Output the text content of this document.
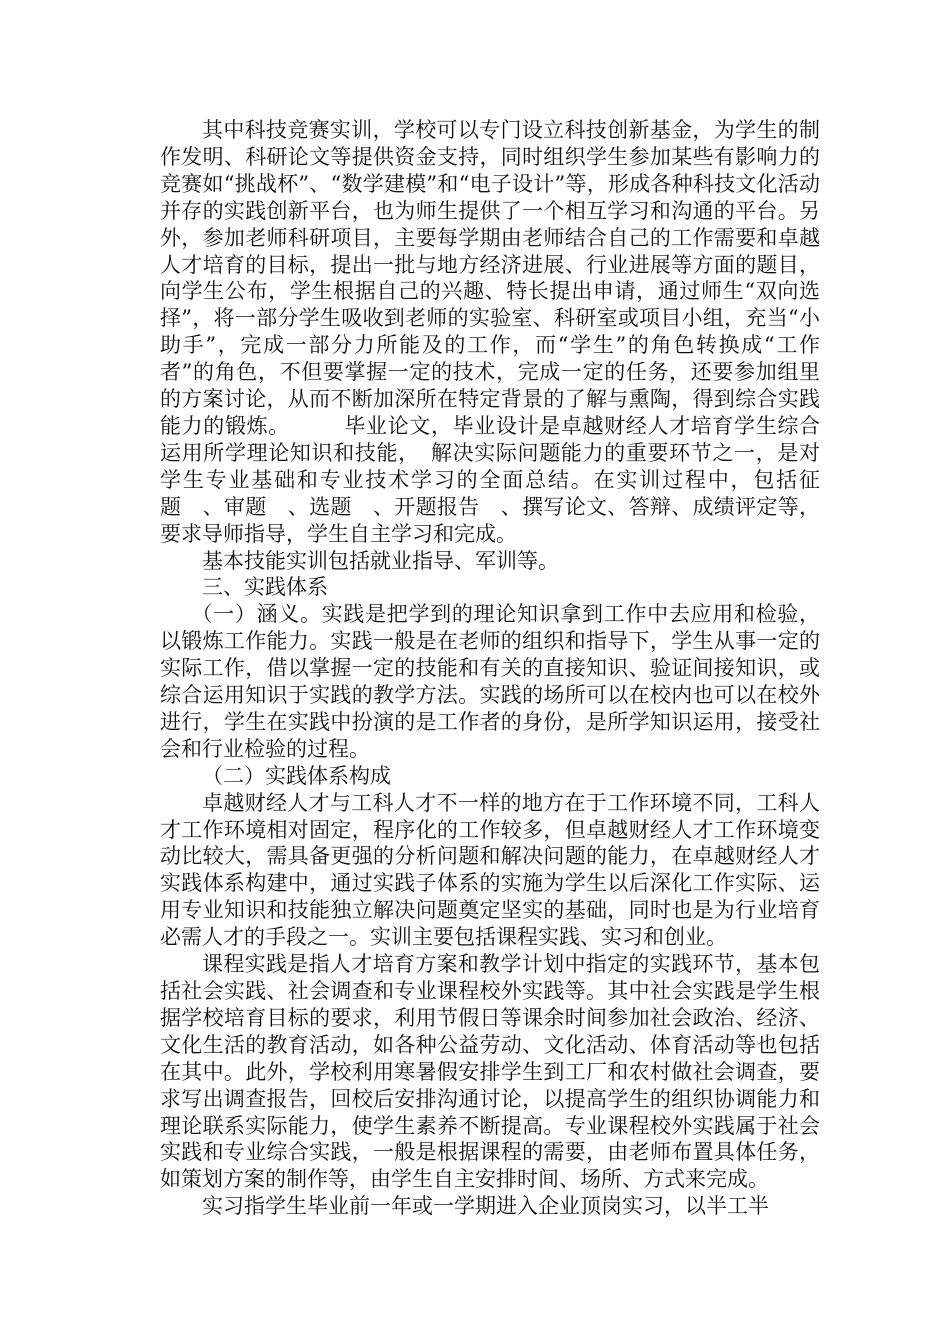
其中科技竞赛实训，学校可以专门设立科技创新基金，为学生的制作发明、科研论文等提供资金支持，同时组织学生参加某些有影响力的竞赛如“挑战杯”、“数学建模”和“电子设计”等，形成各种科技文化活动并存的实践创新平台，也为师生提供了一个相互学习和沟通的平台。另外，参加老师科研项目，主要每学期由老师结合自己的工作需要和卓越人才培育的目标，提出一批与地方经济进展、行业进展等方面的题目，向学生公布，学生根据自己的兴趣、特长提出申请，通过师生“双向选择”，将一部分学生吸收到老师的实验室、科研室或项目小组，充当“小助手”，完成一部分力所能及的工作，而“学生”的角色转换成“工作者”的角色，不但要掌握一定的技术，完成一定的任务，还要参加组里的方案讨论，从而不断加深所在特定背景的了解与熏陶，得到综合实践能力的锻炼。　　　毕业论文，毕业设计是卓越财经人才培育学生综合运用所学理论知识和技能，　解决实际问题能力的重要环节之一，是对学生专业基础和专业技术学习的全面总结。在实训过程中，包括征题　、审题　、选题　、开题报告　、撰写论文、答辩、成绩评定等，要求导师指导，学生自主学习和完成。

基本技能实训包括就业指导、军训等。

三、实践体系

（一）涵义。实践是把学到的理论知识拿到工作中去应用和检验，以锻炼工作能力。实践一般是在老师的组织和指导下，学生从事一定的实际工作，借以掌握一定的技能和有关的直接知识、验证间接知识，或综合运用知识于实践的教学方法。实践的场所可以在校内也可以在校外进行，学生在实践中扮演的是工作者的身份，是所学知识运用，接受社会和行业检验的过程。

（二）实践体系构成

卓越财经人才与工科人才不一样的地方在于工作环境不同，工科人才工作环境相对固定，程序化的工作较多，但卓越财经人才工作环境变动比较大，需具备更强的分析问题和解决问题的能力，在卓越财经人才实践体系构建中，通过实践子体系的实施为学生以后深化工作实际、运用专业知识和技能独立解决问题奠定坚实的基础，同时也是为行业培育必需人才的手段之一。实训主要包括课程实践、实习和创业。

课程实践是指人才培育方案和教学计划中指定的实践环节，基本包括社会实践、社会调查和专业课程校外实践等。其中社会实践是学生根据学校培育目标的要求，利用节假日等课余时间参加社会政治、经济、文化生活的教育活动，如各种公益劳动、文化活动、体育活动等也包括在其中。此外，学校利用寒暑假安排学生到工厂和农村做社会调查，要求写出调查报告，回校后安排沟通讨论，以提高学生的组织协调能力和理论联系实际能力，使学生素养不断提高。专业课程校外实践属于社会实践和专业综合实践，一般是根据课程的需要，由老师布置具体任务，如策划方案的制作等，由学生自主安排时间、场所、方式来完成。

实习指学生毕业前一年或一学期进入企业顶岗实习，以半工半
